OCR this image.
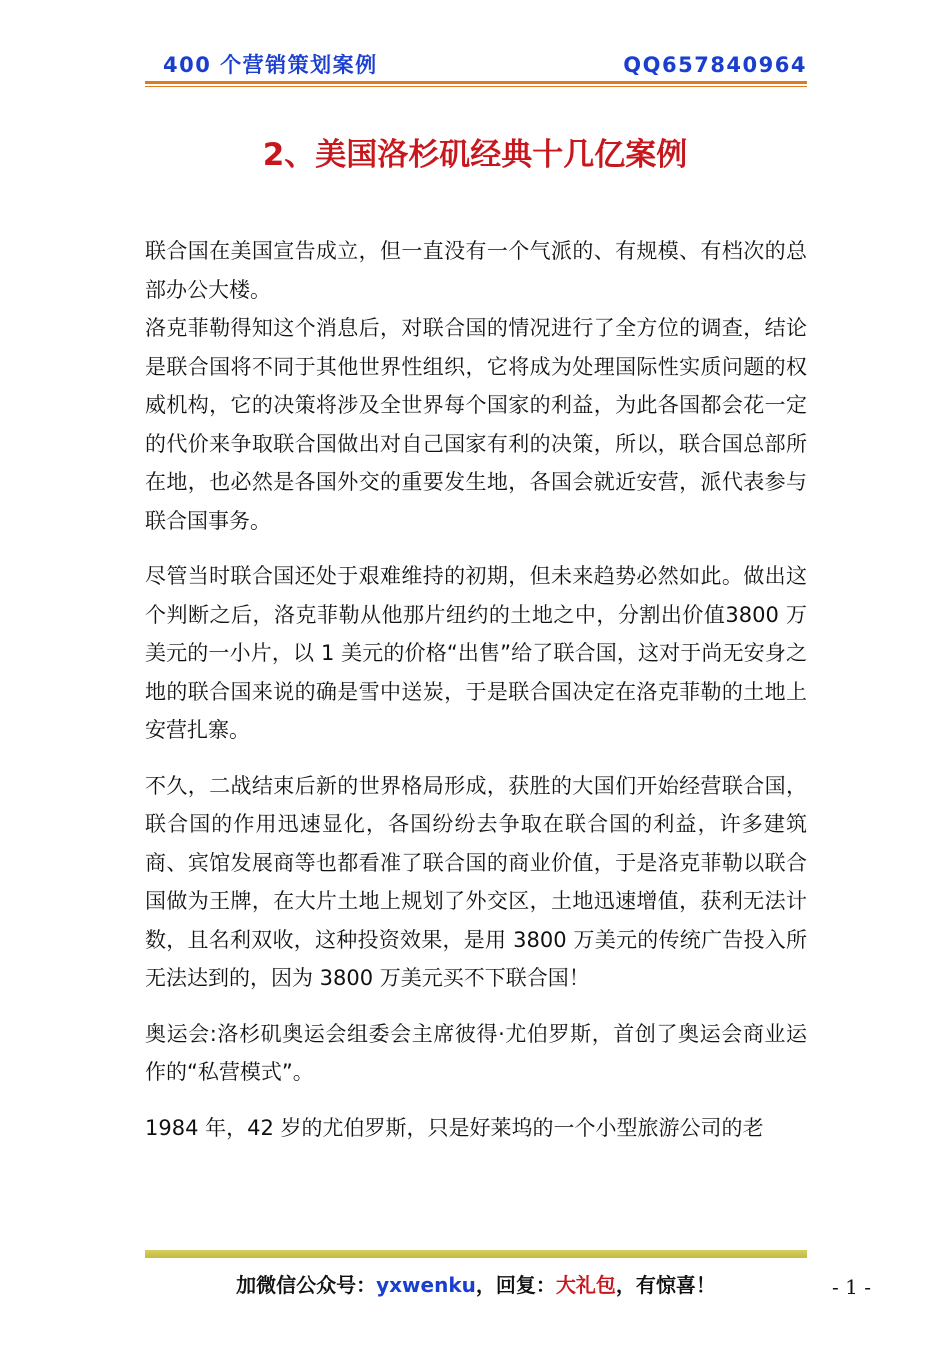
400 个营销策划案例	QQ657840964
2、美国洛杉矶经典十几亿案例

联合国在美国宣告成立，但一直没有一个气派的、有规模、有档次的总部办公大楼。

洛克菲勒得知这个消息后，对联合国的情况进行了全方位的调查，结论是联合国将不同于其他世界性组织，它将成为处理国际性实质问题的权威机构，它的决策将涉及全世界每个国家的利益，为此各国都会花一定的代价来争取联合国做出对自己国家有利的决策，所以，联合国总部所在地，也必然是各国外交的重要发生地，各国会就近安营，派代表参与联合国事务。

尽管当时联合国还处于艰难维持的初期，但未来趋势必然如此。做出这个判断之后，洛克菲勒从他那片纽约的土地之中，分割出价值3800 万美元的一小片，以 1 美元的价格“出售”给了联合国，这对于尚无安身之地的联合国来说的确是雪中送炭，于是联合国决定在洛克菲勒的土地上安营扎寨。

不久，二战结束后新的世界格局形成，获胜的大国们开始经营联合国，联合国的作用迅速显化，各国纷纷去争取在联合国的利益，许多建筑商、宾馆发展商等也都看准了联合国的商业价值，于是洛克菲勒以联合国做为王牌，在大片土地上规划了外交区，土地迅速增值，获利无法计数，且名利双收，这种投资效果，是用 3800 万美元的传统广告投入所无法达到的，因为 3800 万美元买不下联合国！

奥运会:洛杉矶奥运会组委会主席彼得·尤伯罗斯，首创了奥运会商业运作的“私营模式”。

1984 年，42 岁的尤伯罗斯，只是好莱坞的一个小型旅游公司的老

加微信公众号：yxwenku，回复：大礼包，有惊喜！	- 1 -
